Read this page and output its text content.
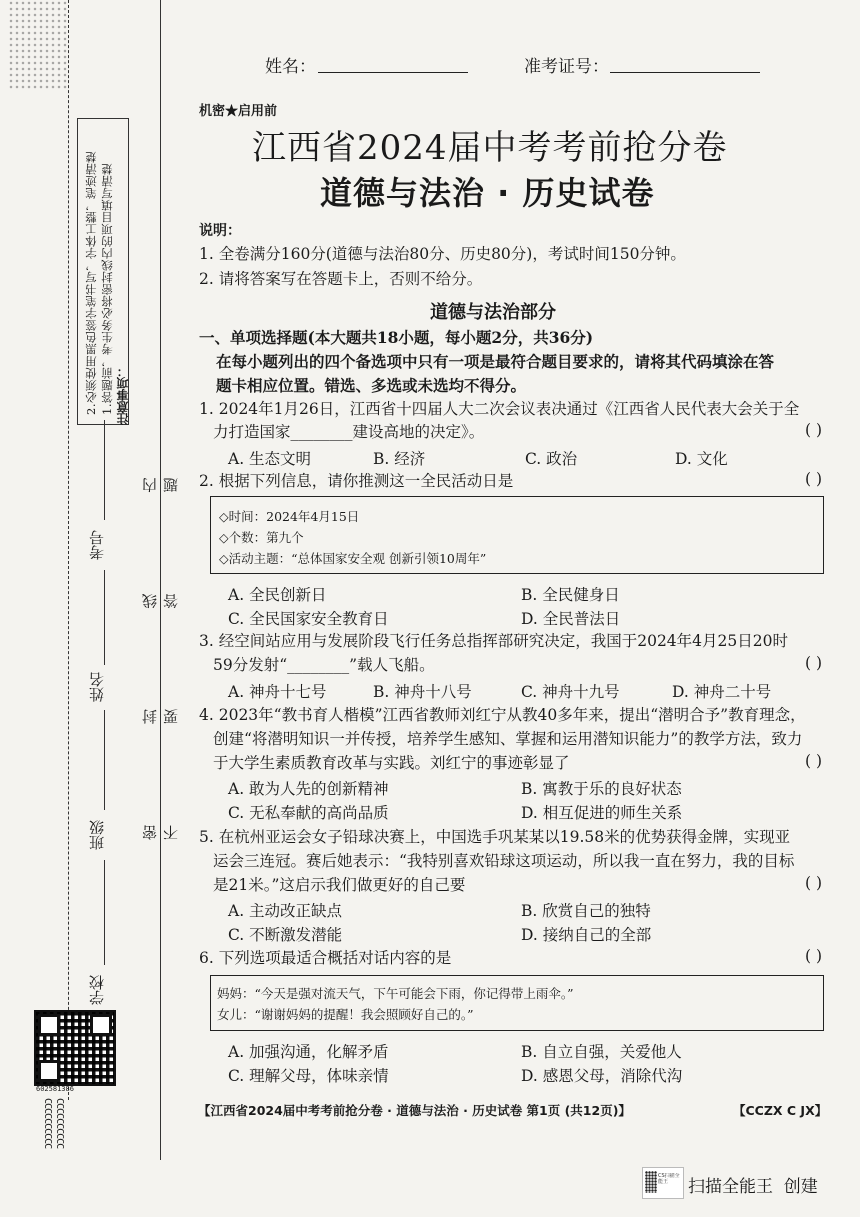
注意事项：
1.答题前，考生务必将密封线内的项目填写清楚
2.必须使用黑色签字笔书写，字体工整，笔迹清楚
密 封 线 内 不 要 答 题
考号
姓名
班级
学校
602581386
CCCCCCCCCC CCCCCCCCCC
姓名：	准考证号：
机密★启用前
江西省2024届中考考前抢分卷
道德与法治 · 历史试卷
说明：
1. 全卷满分160分(道德与法治80分、历史80分)，考试时间150分钟。
2. 请将答案写在答题卡上，否则不给分。
道德与法治部分
一、单项选择题(本大题共18小题，每小题2分，共36分)
在每小题列出的四个备选项中只有一项是最符合题目要求的，请将其代码填涂在答
题卡相应位置。错选、多选或未选均不得分。
1. 2024年1月26日，江西省十四届人大二次会议表决通过《江西省人民代表大会关于全
力打造国家________建设高地的决定》。	( )
A. 生态文明	B. 经济	C. 政治	D. 文化
2. 根据下列信息，请你推测这一全民活动日是	( )
◇时间：2024年4月15日
◇个数：第九个
◇活动主题：“总体国家安全观 创新引领10周年”
A. 全民创新日	B. 全民健身日
C. 全民国家安全教育日	D. 全民普法日
3. 经空间站应用与发展阶段飞行任务总指挥部研究决定，我国于2024年4月25日20时
59分发射“________”载人飞船。	( )
A. 神舟十七号	B. 神舟十八号	C. 神舟十九号	D. 神舟二十号
4. 2023年“教书育人楷模”江西省教师刘红宁从教40多年来，提出“潜明合予”教育理念，
创建“将潜明知识一并传授，培养学生感知、掌握和运用潜知识能力”的教学方法，致力
于大学生素质教育改革与实践。刘红宁的事迹彰显了	( )
A. 敢为人先的创新精神	B. 寓教于乐的良好状态
C. 无私奉献的高尚品质	D. 相互促进的师生关系
5. 在杭州亚运会女子铅球决赛上，中国选手巩某某以19.58米的优势获得金牌，实现亚
运会三连冠。赛后她表示：“我特别喜欢铅球这项运动，所以我一直在努力，我的目标
是21米。”这启示我们做更好的自己要	( )
A. 主动改正缺点	B. 欣赏自己的独特
C. 不断激发潜能	D. 接纳自己的全部
6. 下列选项最适合概括对话内容的是	( )
妈妈：“今天是强对流天气，下午可能会下雨，你记得带上雨伞。”
女儿：“谢谢妈妈的提醒！我会照顾好自己的。”
A. 加强沟通，化解矛盾	B. 自立自强，关爱他人
C. 理解父母，体味亲情	D. 感恩父母，消除代沟
【江西省2024届中考考前抢分卷 · 道德与法治 · 历史试卷 第1页 (共12页)】	【CCZX C JX】
CS扫描全能王	扫描全能王  创建
